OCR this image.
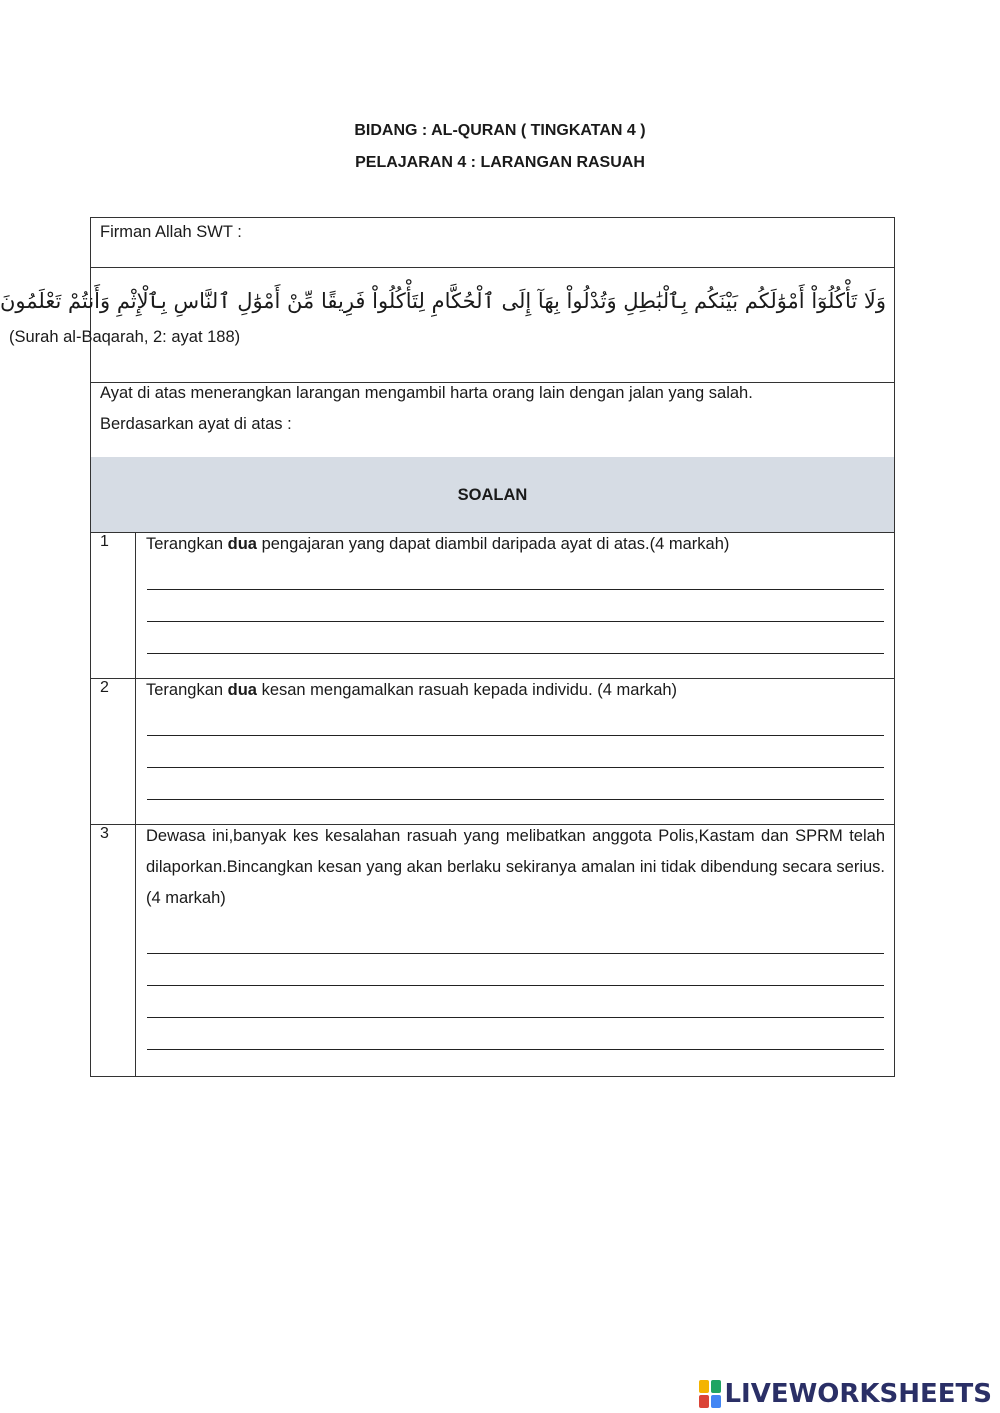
BIDANG : AL-QURAN ( TINGKATAN 4 )
PELAJARAN 4 : LARANGAN RASUAH
Firman Allah SWT :
وَلَا تَأْكُلُوٓاْ أَمْوَٰلَكُم بَيْنَكُم بِٱلْبَٰطِلِ وَتُدْلُواْ بِهَآ إِلَى ٱلْحُكَّامِ لِتَأْكُلُواْ فَرِيقًا مِّنْ أَمْوَٰلِ ٱلنَّاسِ بِٱلْإِثْمِ وَأَنتُمْ تَعْلَمُونَ
(Surah al-Baqarah, 2: ayat 188)
Ayat di atas menerangkan larangan mengambil harta orang lain dengan jalan yang salah.
Berdasarkan ayat di atas :
SOALAN
1 Terangkan dua pengajaran yang dapat diambil daripada ayat di atas.(4 markah)
2 Terangkan dua kesan mengamalkan rasuah kepada individu. (4 markah)
3 Dewasa ini,banyak kes kesalahan rasuah yang melibatkan anggota Polis,Kastam dan SPRM telah dilaporkan.Bincangkan kesan yang akan berlaku sekiranya amalan ini tidak dibendung secara serius.(4 markah)
LIVEWORKSHEETS
